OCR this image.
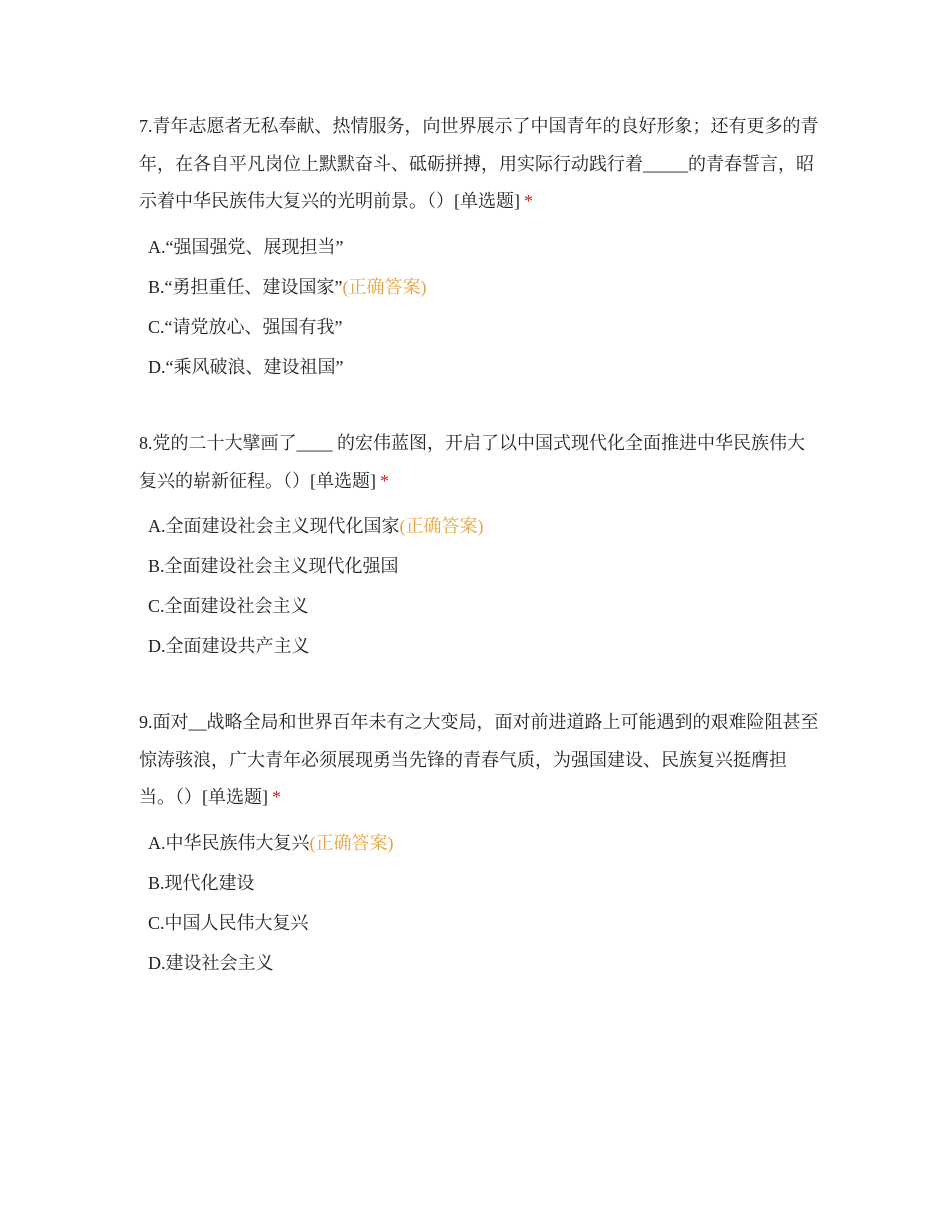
7.青年志愿者无私奉献、热情服务，向世界展示了中国青年的良好形象；还有更多的青年，在各自平凡岗位上默默奋斗、砥砺拼搏，用实际行动践行着_____的青春誓言，昭示着中华民族伟大复兴的光明前景。（）[单选题] *

A.“强国强党、展现担当”
B.“勇担重任、建设国家”(正确答案)
C.“请党放心、强国有我”
D.“乘风破浪、建设祖国”

8.党的二十大擘画了____ 的宏伟蓝图，开启了以中国式现代化全面推进中华民族伟大复兴的崭新征程。（）[单选题] *

A.全面建设社会主义现代化国家(正确答案)
B.全面建设社会主义现代化强国
C.全面建设社会主义
D.全面建设共产主义

9.面对__战略全局和世界百年未有之大变局，面对前进道路上可能遇到的艰难险阻甚至惊涛骇浪，广大青年必须展现勇当先锋的青春气质，为强国建设、民族复兴挺膺担当。（）[单选题] *

A.中华民族伟大复兴(正确答案)
B.现代化建设
C.中国人民伟大复兴
D.建设社会主义
